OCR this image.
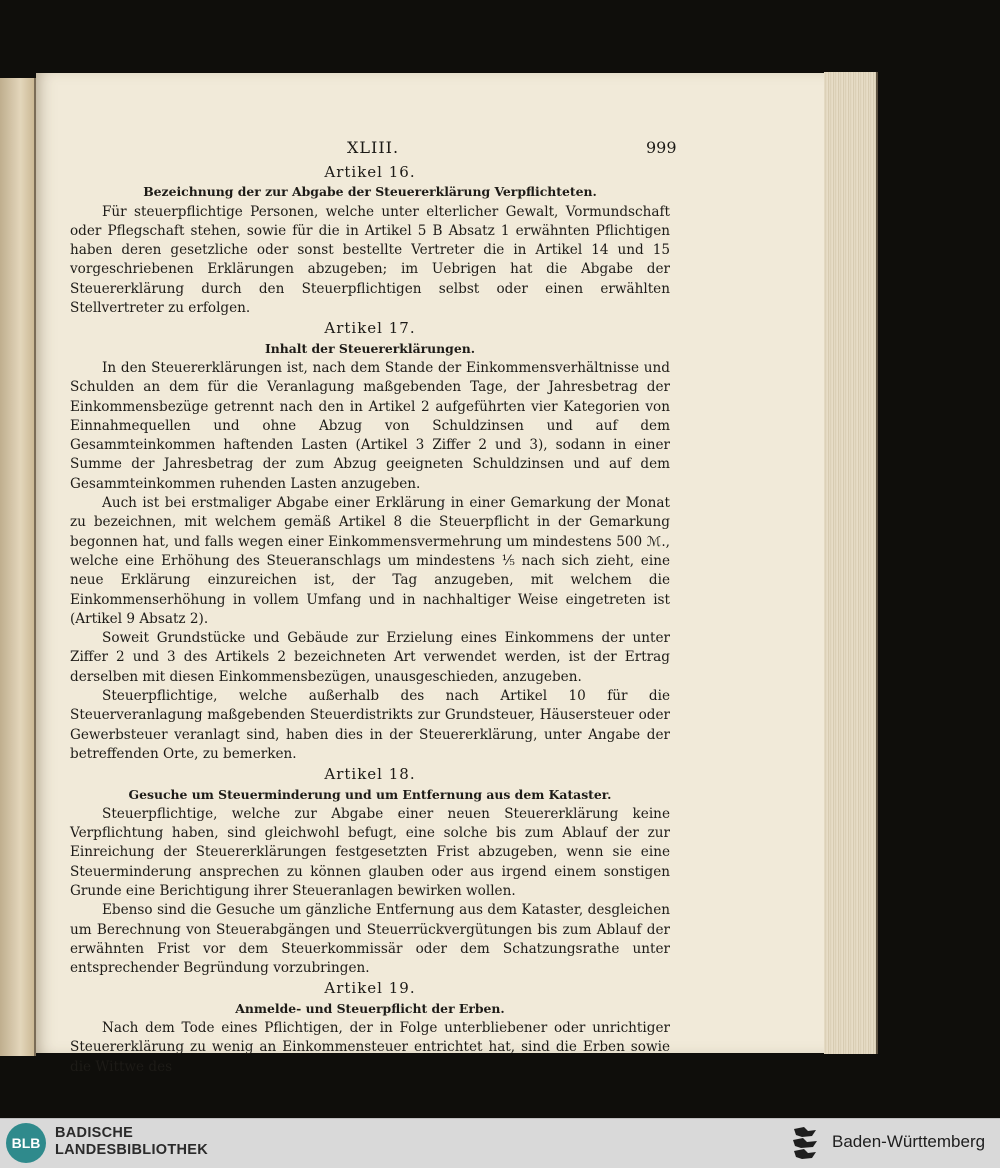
XLIII.	999
Artikel 16.
Bezeichnung der zur Abgabe der Steuererklärung Verpflichteten.

Für steuerpflichtige Personen, welche unter elterlicher Gewalt, Vormundschaft oder Pflegschaft stehen, sowie für die in Artikel 5 B Absatz 1 erwähnten Pflichtigen haben deren gesetzliche oder sonst bestellte Vertreter die in Artikel 14 und 15 vorgeschriebenen Erklärungen abzugeben; im Uebrigen hat die Abgabe der Steuererklärung durch den Steuerpflichtigen selbst oder einen erwählten Stellvertreter zu erfolgen.

Artikel 17.
Inhalt der Steuererklärungen.

In den Steuererklärungen ist, nach dem Stande der Einkommensverhältnisse und Schulden an dem für die Veranlagung maßgebenden Tage, der Jahresbetrag der Einkommensbezüge getrennt nach den in Artikel 2 aufgeführten vier Kategorien von Einnahmequellen und ohne Abzug von Schuldzinsen und auf dem Gesammteinkommen haftenden Lasten (Artikel 3 Ziffer 2 und 3), sodann in einer Summe der Jahresbetrag der zum Abzug geeigneten Schuldzinsen und auf dem Gesammteinkommen ruhenden Lasten anzugeben.

Auch ist bei erstmaliger Abgabe einer Erklärung in einer Gemarkung der Monat zu bezeichnen, mit welchem gemäß Artikel 8 die Steuerpflicht in der Gemarkung begonnen hat, und falls wegen einer Einkommensvermehrung um mindestens 500 ℳ., welche eine Erhöhung des Steueranschlags um mindestens ⅕ nach sich zieht, eine neue Erklärung einzureichen ist, der Tag anzugeben, mit welchem die Einkommenserhöhung in vollem Umfang und in nachhaltiger Weise eingetreten ist (Artikel 9 Absatz 2).

Soweit Grundstücke und Gebäude zur Erzielung eines Einkommens der unter Ziffer 2 und 3 des Artikels 2 bezeichneten Art verwendet werden, ist der Ertrag derselben mit diesen Einkommensbezügen, unausgeschieden, anzugeben.

Steuerpflichtige, welche außerhalb des nach Artikel 10 für die Steuerveranlagung maßgebenden Steuerdistrikts zur Grundsteuer, Häusersteuer oder Gewerbsteuer veranlagt sind, haben dies in der Steuererklärung, unter Angabe der betreffenden Orte, zu bemerken.

Artikel 18.
Gesuche um Steuerminderung und um Entfernung aus dem Kataster.

Steuerpflichtige, welche zur Abgabe einer neuen Steuererklärung keine Verpflichtung haben, sind gleichwohl befugt, eine solche bis zum Ablauf der zur Einreichung der Steuererklärungen festgesetzten Frist abzugeben, wenn sie eine Steuerminderung ansprechen zu können glauben oder aus irgend einem sonstigen Grunde eine Berichtigung ihrer Steueranlagen bewirken wollen.

Ebenso sind die Gesuche um gänzliche Entfernung aus dem Kataster, desgleichen um Berechnung von Steuerabgängen und Steuerrückvergütungen bis zum Ablauf der erwähnten Frist vor dem Steuerkommissär oder dem Schatzungsrathe unter entsprechender Begründung vorzubringen.

Artikel 19.
Anmelde- und Steuerpflicht der Erben.

Nach dem Tode eines Pflichtigen, der in Folge unterbliebener oder unrichtiger Steuererklärung zu wenig an Einkommensteuer entrichtet hat, sind die Erben sowie die Wittwe des

BLB
BADISCHE
LANDESBIBLIOTHEK	Baden-Württemberg
